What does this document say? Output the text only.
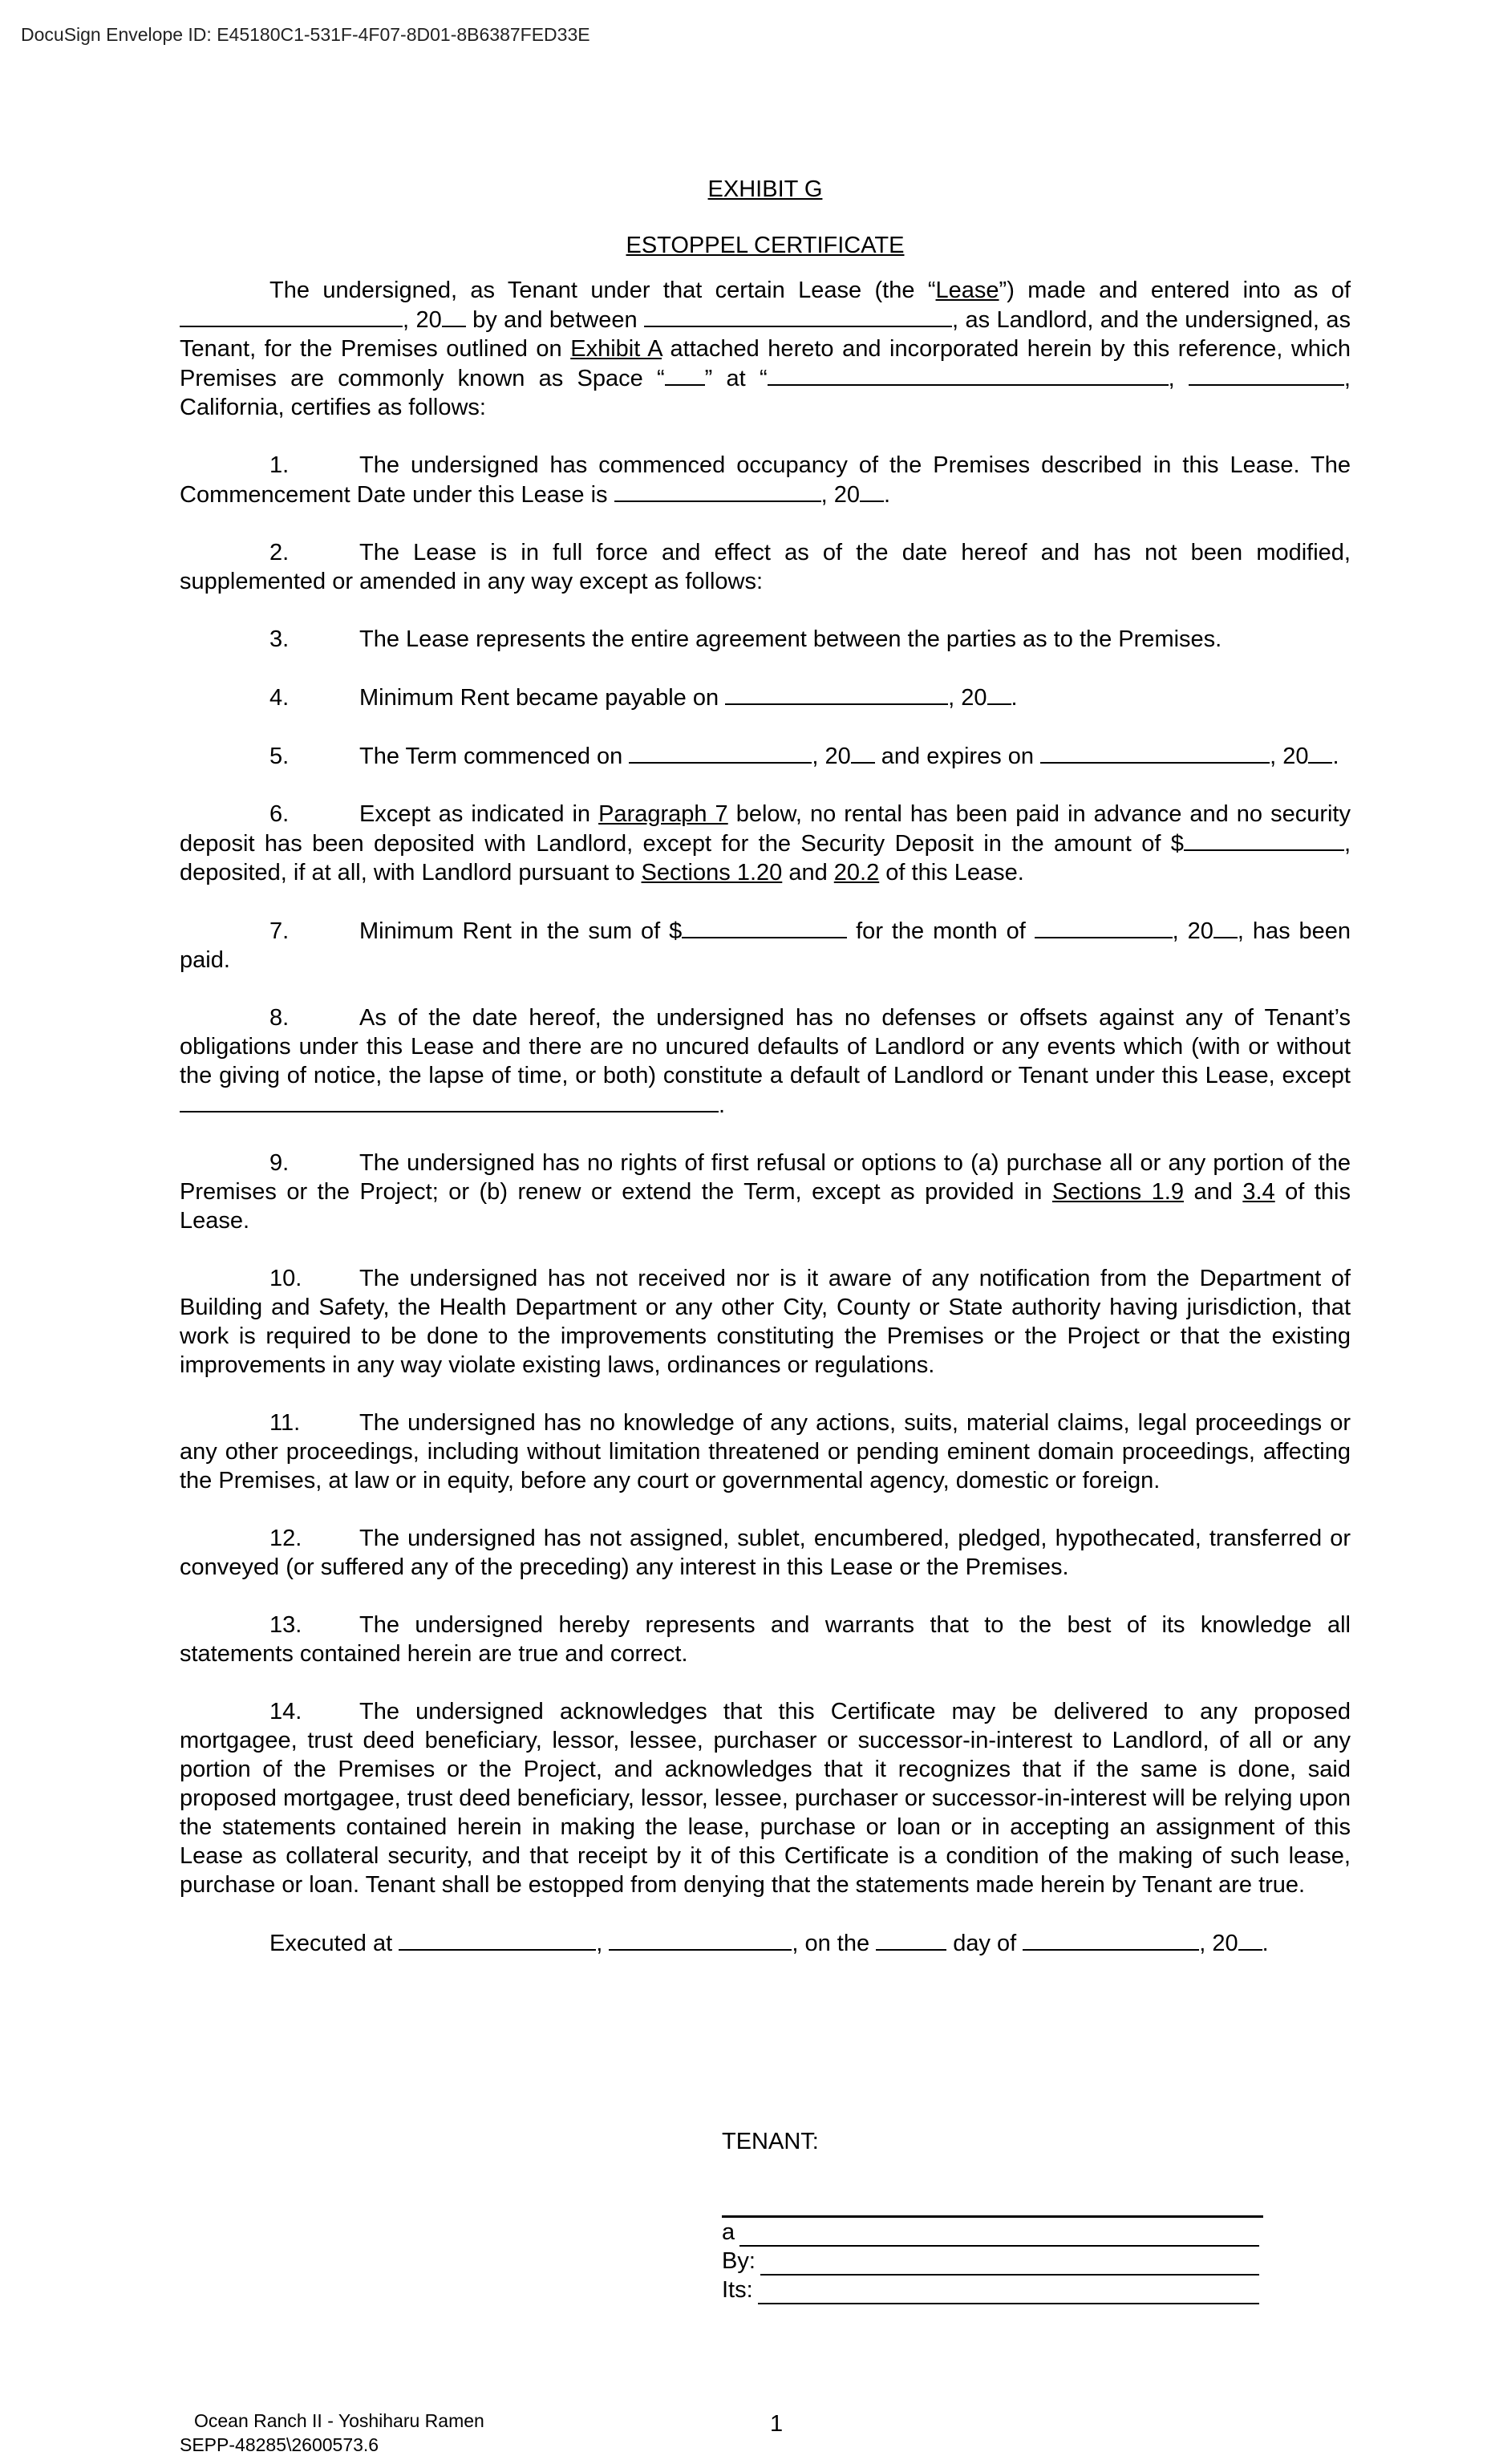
DocuSign Envelope ID: E45180C1-531F-4F07-8D01-8B6387FED33E

EXHIBIT G

ESTOPPEL CERTIFICATE

The undersigned, as Tenant under that certain Lease (the “Lease”) made and entered into as of , 20 by and between	, as Landlord, and the undersigned, as Tenant, for the Premises outlined on Exhibit A attached hereto and incorporated herein by this reference, which Premises are commonly known as Space “ ” at “	,	, California, certifies as follows:

1.	The undersigned has commenced occupancy of the Premises described in this Lease. The Commencement Date under this Lease is	, 20 .

2.	The Lease is in full force and effect as of the date hereof and has not been modified, supplemented or amended in any way except as follows:

3.	The Lease represents the entire agreement between the parties as to the Premises.

4.	Minimum Rent became payable on	, 20 .

5.	The Term commenced on	, 20 and expires on	, 20 .

6.	Except as indicated in Paragraph 7 below, no rental has been paid in advance and no security deposit has been deposited with Landlord, except for the Security Deposit in the amount of $	, deposited, if at all, with Landlord pursuant to Sections 1.20 and 20.2 of this Lease.

7.	Minimum Rent in the sum of $	for the month of	, 20 , has been paid.

8.	As of the date hereof, the undersigned has no defenses or offsets against any of Tenant’s obligations under this Lease and there are no uncured defaults of Landlord or any events which (with or without the giving of notice, the lapse of time, or both) constitute a default of Landlord or Tenant under this Lease, except .

9.	The undersigned has no rights of first refusal or options to (a) purchase all or any portion of the Premises or the Project; or (b) renew or extend the Term, except as provided in Sections 1.9 and 3.4 of this Lease.

10. The undersigned has not received nor is it aware of any notification from the Department of Building and Safety, the Health Department or any other City, County or State authority having jurisdiction, that work is required to be done to the improvements constituting the Premises or the Project or that the existing improvements in any way violate existing laws, ordinances or regulations.

11.	The undersigned has no knowledge of any actions, suits, material claims, legal proceedings or any other proceedings, including without limitation threatened or pending eminent domain proceedings, affecting the Premises, at law or in equity, before any court or governmental agency, domestic or foreign.

12. The undersigned has not assigned, sublet, encumbered, pledged, hypothecated, transferred or conveyed (or suffered any of the preceding) any interest in this Lease or the Premises.

13. The undersigned hereby represents and warrants that to the best of its knowledge all statements contained herein are true and correct.

14. The undersigned acknowledges that this Certificate may be delivered to any proposed mortgagee, trust deed beneficiary, lessor, lessee, purchaser or successor-in-interest to Landlord, of all or any portion of the Premises or the Project, and acknowledges that it recognizes that if the same is done, said proposed mortgagee, trust deed beneficiary, lessor, lessee, purchaser or successor-in-interest will be relying upon the statements contained herein in making the lease, purchase or loan or in accepting an assignment of this Lease as collateral security, and that receipt by it of this Certificate is a condition of the making of such lease, purchase or loan. Tenant shall be estopped from denying that the statements made herein by Tenant are true.

Executed at	,	, on the	day of	, 20 .
TENANT:
a
By:
Its:
Ocean Ranch II - Yoshiharu Ramen
SEPP-48285\2600573.6
1
